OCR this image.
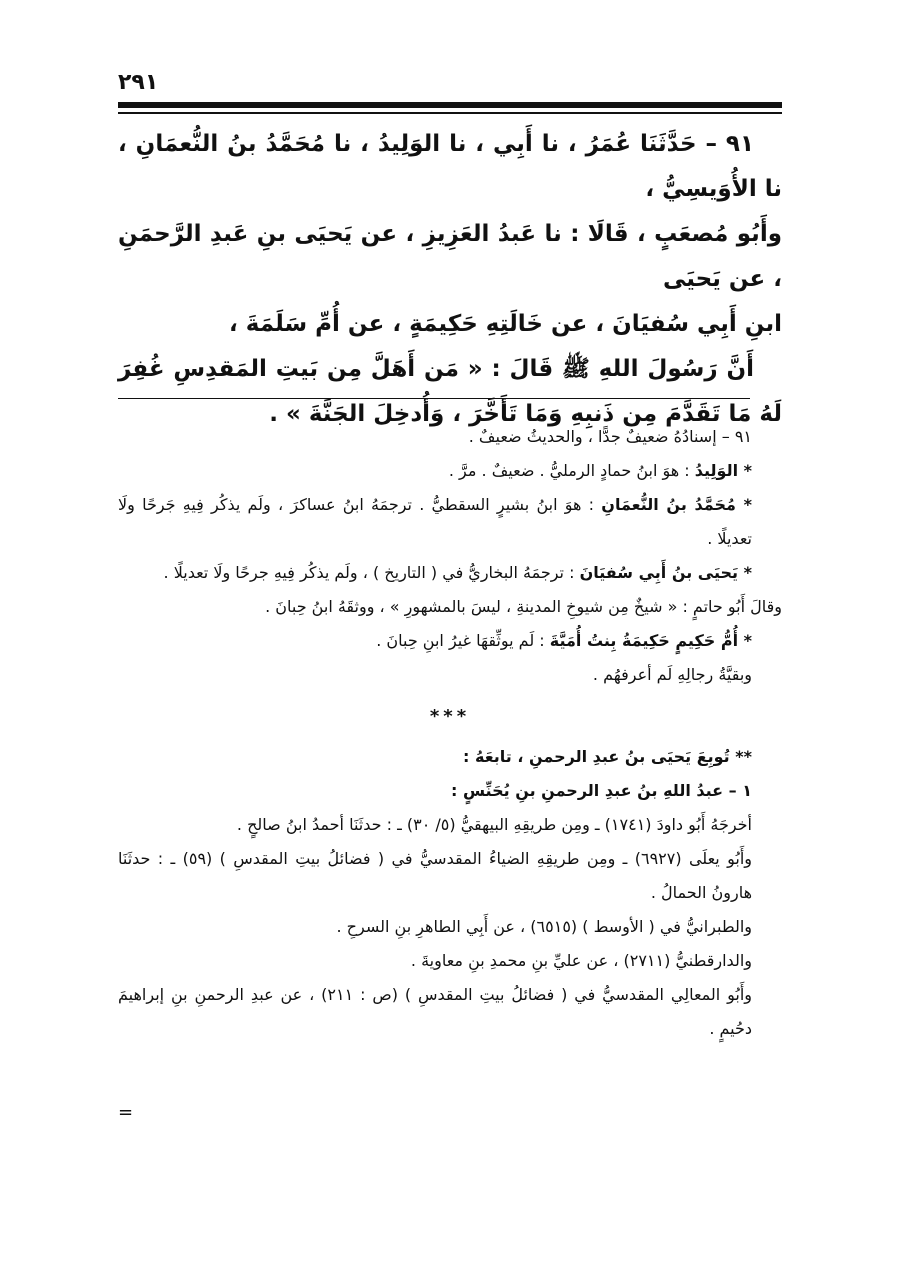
٢٩١

٩١ – حَدَّثَنَا عُمَرُ ، نا أَبِي ، نا الوَلِيدُ ، نا مُحَمَّدُ بنُ النُّعمَانِ ، نا الأُوَيسِيُّ ،

وأَبُو مُصعَبٍ ، قَالَا : نا عَبدُ العَزِيزِ ، عن يَحيَى بنِ عَبدِ الرَّحمَنِ ، عن يَحيَى

ابنِ أَبِي سُفيَانَ ، عن خَالَتِهِ حَكِيمَةٍ ، عن أُمِّ سَلَمَةَ ،

أَنَّ رَسُولَ اللهِ ﷺ قَالَ : « مَن أَهَلَّ مِن بَيتِ المَقدِسِ غُفِرَ لَهُ مَا تَقَدَّمَ مِن ذَنبِهِ وَمَا تَأَخَّرَ ، وَأُدخِلَ الجَنَّةَ » .

٩١ – إسنادُهُ ضعيفٌ جدًّا ، والحديثُ ضعيفٌ .

* الوَلِيدُ : هوَ ابنُ حمادٍ الرمليُّ . ضعيفٌ . مرَّ .

* مُحَمَّدُ بنُ النُّعمَانِ : هوَ ابنُ بشيرٍ السقطيُّ . ترجمَهُ ابنُ عساكرَ ، ولَم يذكُر فِيهِ جَرحًا ولَا تعديلًا .

* يَحيَى بنُ أَبِي سُفيَانَ : ترجمَهُ البخاريُّ في ( التاريخ ) ، ولَم يذكُر فِيهِ جرحًا ولَا تعديلًا .

وقالَ أَبُو حاتمٍ : « شيخٌ مِن شيوخِ المدينةِ ، ليسَ بالمشهورِ » ، ووثقَهُ ابنُ حِبانَ .

* أُمُّ حَكِيمٍ حَكِيمَةُ بِنتُ أُمَيَّةَ : لَم يوثِّقهَا غيرُ ابنِ حِبانَ .

وبقيَّةُ رجالِهِ لَم أعرفهُم .

***

** تُوبِعَ يَحيَى بنُ عبدِ الرحمنِ ، تابعَهُ :

١ – عبدُ اللهِ بنُ عبدِ الرحمنِ بنِ يُحَنِّسٍ :

أخرجَهُ أَبُو داودَ (١٧٤١) ـ ومِن طريقِهِ البيهقيُّ (٥/ ٣٠) ـ : حدثَنَا أحمدُ ابنُ صالحٍ .

وأَبُو يعلَى (٦٩٢٧) ـ ومِن طريقِهِ الضياءُ المقدسيُّ في ( فضائلُ بيتِ المقدسِ ) (٥٩) ـ : حدثَنَا هارونُ الحمالُ .

والطبرانيُّ في ( الأوسط ) (٦٥١٥) ، عن أَبِي الطاهرِ بنِ السرحِ .

والدارقطنيُّ (٢٧١١) ، عن عليِّ بنِ محمدِ بنِ معاويةَ .

وأَبُو المعالِي المقدسيُّ في ( فضائلُ بيتِ المقدسِ ) (ص : ٢١١) ، عن عبدِ الرحمنِ بنِ إبراهيمَ دحُيمٍ .

=
